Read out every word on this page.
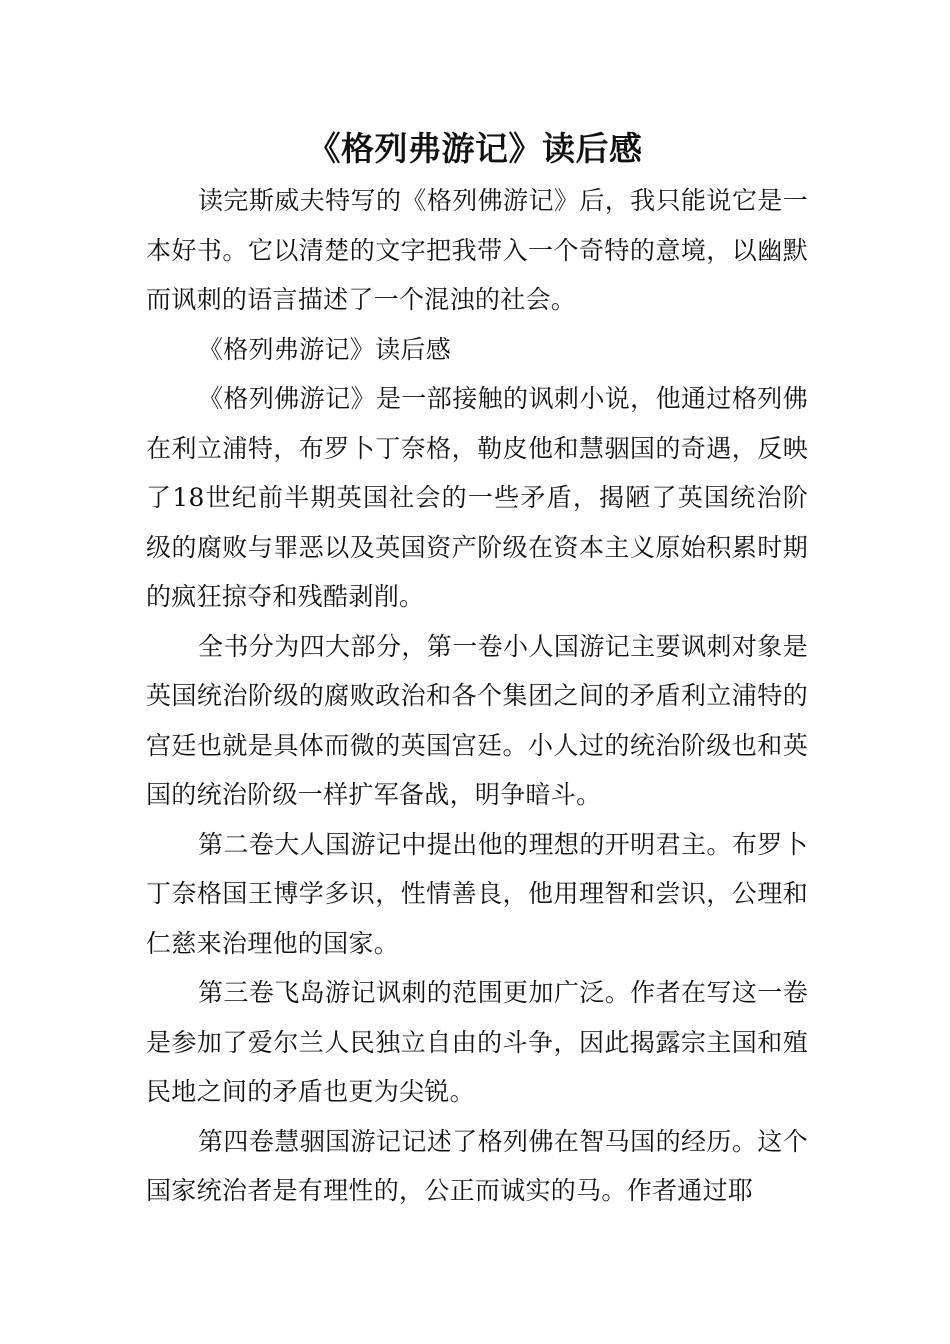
《格列弗游记》读后感

读完斯威夫特写的《格列佛游记》后，我只能说它是一本好书。它以清楚的文字把我带入一个奇特的意境，以幽默而讽刺的语言描述了一个混浊的社会。

《格列弗游记》读后感

《格列佛游记》是一部接触的讽刺小说，他通过格列佛在利立浦特，布罗卜丁奈格，勒皮他和慧骃国的奇遇，反映了18世纪前半期英国社会的一些矛盾，揭陋了英国统治阶级的腐败与罪恶以及英国资产阶级在资本主义原始积累时期的疯狂掠夺和残酷剥削。

全书分为四大部分，第一卷小人国游记主要讽刺对象是英国统治阶级的腐败政治和各个集团之间的矛盾利立浦特的宫廷也就是具体而微的英国宫廷。小人过的统治阶级也和英国的统治阶级一样扩军备战，明争暗斗。

第二卷大人国游记中提出他的理想的开明君主。布罗卜丁奈格国王博学多识，性情善良，他用理智和尝识，公理和仁慈来治理他的国家。

第三卷飞岛游记讽刺的范围更加广泛。作者在写这一卷是参加了爱尔兰人民独立自由的斗争，因此揭露宗主国和殖民地之间的矛盾也更为尖锐。

第四卷慧骃国游记记述了格列佛在智马国的经历。这个国家统治者是有理性的，公正而诚实的马。作者通过耶
